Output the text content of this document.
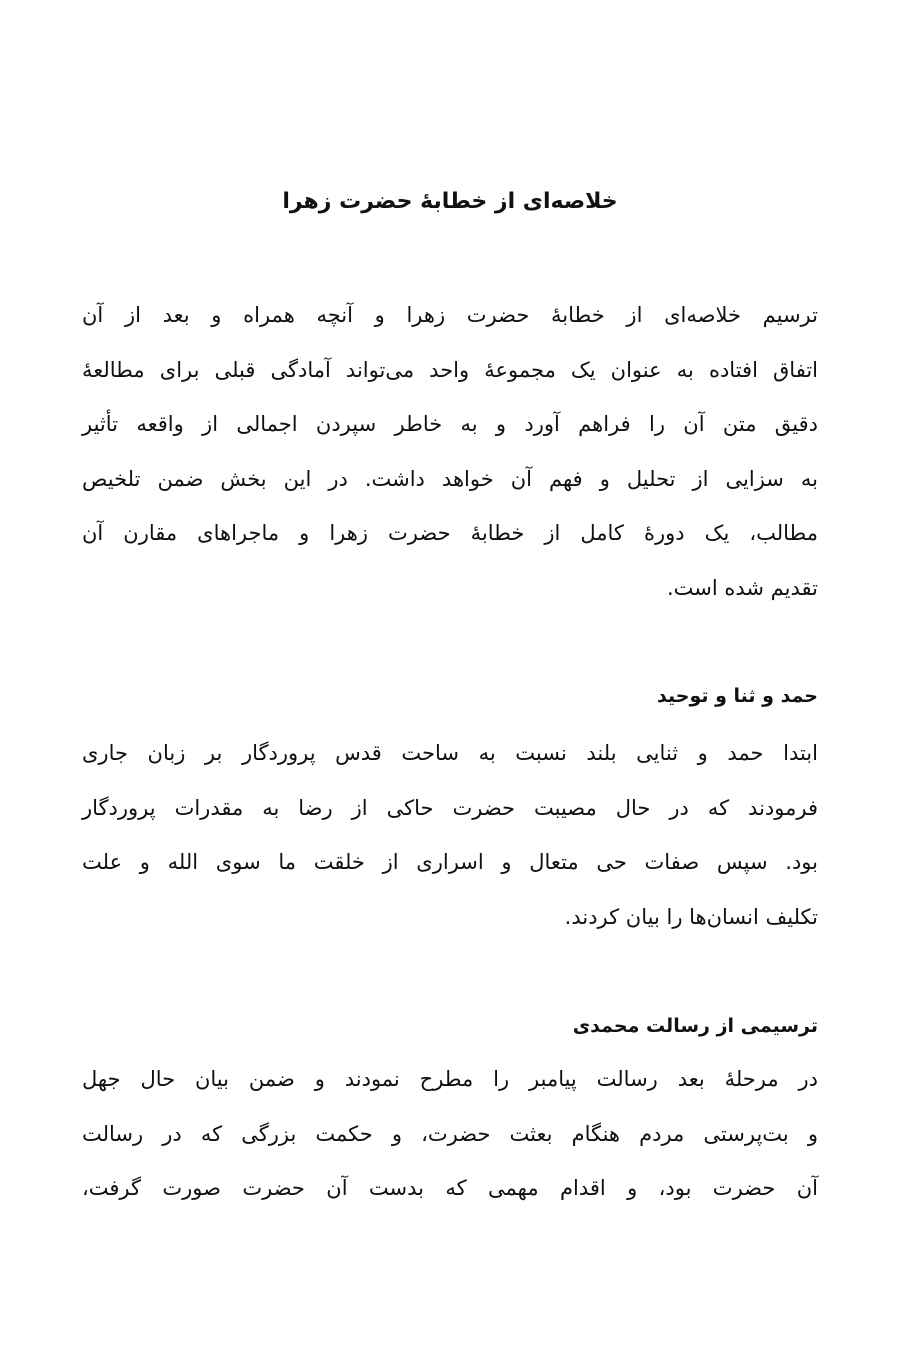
خلاصه‌ای از خطابهٔ حضرت زهرا
ترسیم خلاصه‌ای از خطابهٔ حضرت زهرا و آنچه همراه و بعد از آن
اتفاق افتاده به عنوان یک مجموعهٔ واحد می‌تواند آمادگی قبلی برای مطالعهٔ
دقیق متن آن را فراهم آورد و به خاطر سپردن اجمالی از واقعه تأثیر
به سزایی از تحلیل و فهم آن خواهد داشت. در این بخش ضمن تلخیص
مطالب، یک دورهٔ کامل از خطابهٔ حضرت زهرا و ماجراهای مقارن آن
تقدیم شده است.
حمد و ثنا و توحید
ابتدا حمد و ثنایی بلند نسبت به ساحت قدس پروردگار بر زبان جاری
فرمودند که در حال مصیبت حضرت حاکی از رضا به مقدرات پروردگار
بود. سپس صفات حی متعال و اسراری از خلقت ما سوی الله و علت
تکلیف انسان‌ها را بیان کردند.
ترسیمی از رسالت محمدی
در مرحلهٔ بعد رسالت پیامبر را مطرح نمودند و ضمن بیان حال جهل
و بت‌پرستی مردم هنگام بعثت حضرت، و حکمت بزرگی که در رسالت
آن حضرت بود، و اقدام مهمی که بدست آن حضرت صورت گرفت،
